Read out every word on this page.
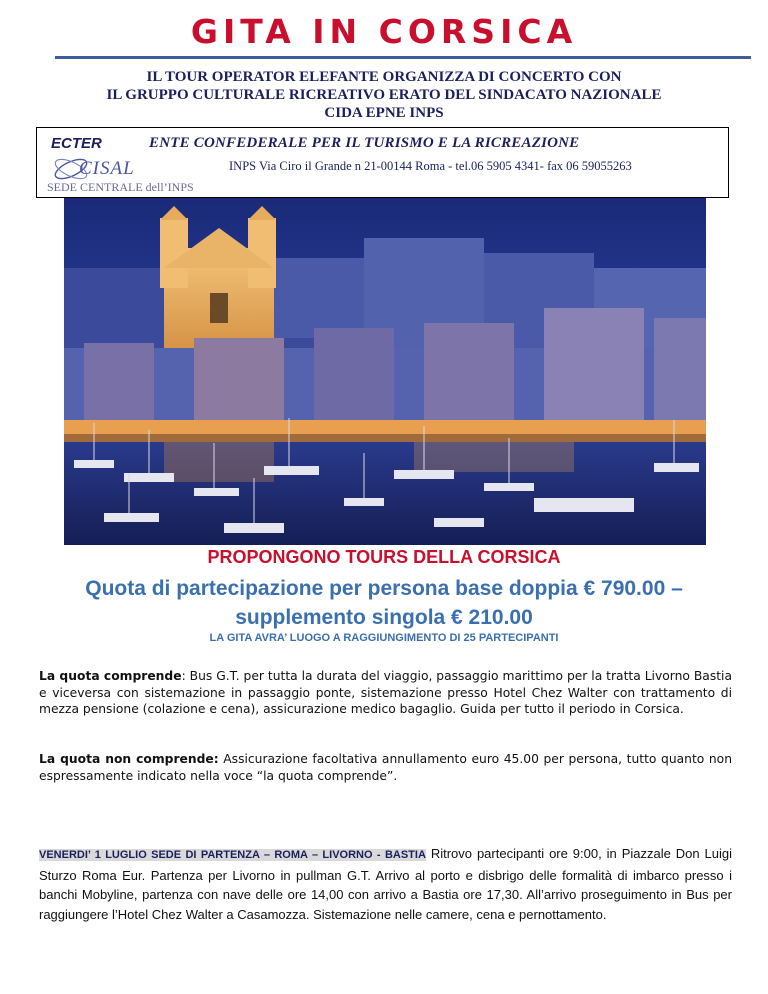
GITA IN CORSICA
IL TOUR OPERATOR ELEFANTE ORGANIZZA DI CONCERTO CON
IL GRUPPO CULTURALE RICREATIVO ERATO DEL SINDACATO NAZIONALE
CIDA EPNE INPS
ECTER	ENTE CONFEDERALE PER IL TURISMO E LA RICREAZIONE
CISAL	INPS Via Ciro il Grande n 21-00144 Roma - tel.06 5905 4341- fax 06 59055263
SEDE CENTRALE dell’INPS
PROPONGONO TOURS DELLA CORSICA
Quota di partecipazione per persona base doppia € 790.00 –
supplemento singola € 210.00
LA GITA AVRA’ LUOGO A RAGGIUNGIMENTO DI 25 PARTECIPANTI
La quota comprende: Bus G.T. per tutta la durata del viaggio, passaggio marittimo per la tratta Livorno Bastia e viceversa con sistemazione in passaggio ponte, sistemazione presso Hotel Chez Walter con trattamento di mezza pensione (colazione e cena), assicurazione medico bagaglio. Guida per tutto il periodo in Corsica.
La quota non comprende: Assicurazione facoltativa annullamento euro 45.00 per persona, tutto quanto non espressamente indicato nella voce “la quota comprende”.
VENERDI’ 1 LUGLIO SEDE DI PARTENZA – ROMA – LIVORNO - BASTIA Ritrovo partecipanti ore 9:00, in Piazzale Don Luigi Sturzo Roma Eur. Partenza per Livorno in pullman G.T. Arrivo al porto e disbrigo delle formalità di imbarco presso i banchi Mobyline, partenza con nave delle ore 14,00 con arrivo a Bastia ore 17,30. All’arrivo proseguimento in Bus per raggiungere l’Hotel Chez Walter a Casamozza. Sistemazione nelle camere, cena e pernottamento.
